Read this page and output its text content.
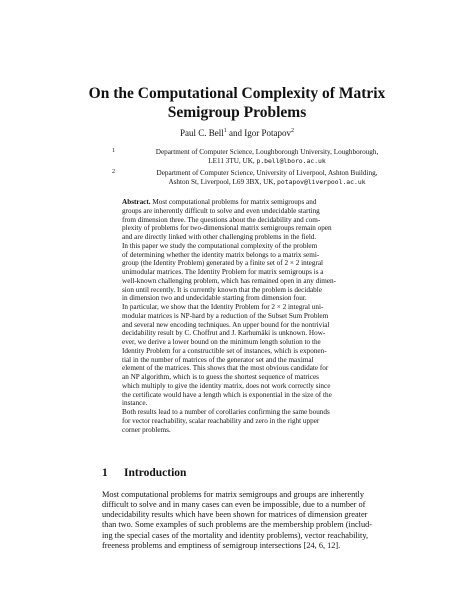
On the Computational Complexity of Matrix
Semigroup Problems
Paul C. Bell$^1$ and Igor Potapov$^2$
1	Department of Computer Science, Loughborough University, Loughborough,
LE11 3TU, UK, p.bell@lboro.ac.uk
2	Department of Computer Science, University of Liverpool, Ashton Building,
Ashton St, Liverpool, L69 3BX, UK, potapov@liverpool.ac.uk
Abstract. Most computational problems for matrix semigroups and
groups are inherently difficult to solve and even undecidable starting
from dimension three. The questions about the decidability and com-
plexity of problems for two-dimensional matrix semigroups remain open
and are directly linked with other challenging problems in the field.
In this paper we study the computational complexity of the problem
of determining whether the identity matrix belongs to a matrix semi-
group (the Identity Problem) generated by a finite set of 2 × 2 integral
unimodular matrices. The Identity Problem for matrix semigroups is a
well-known challenging problem, which has remained open in any dimen-
sion until recently. It is currently known that the problem is decidable
in dimension two and undecidable starting from dimension four.
In particular, we show that the Identity Problem for 2 × 2 integral uni-
modular matrices is NP-hard by a reduction of the Subset Sum Problem
and several new encoding techniques. An upper bound for the nontrivial
decidability result by C. Choffrut and J. Karhumäki is unknown. How-
ever, we derive a lower bound on the minimum length solution to the
Identity Problem for a constructible set of instances, which is exponen-
tial in the number of matrices of the generator set and the maximal
element of the matrices. This shows that the most obvious candidate for
an NP algorithm, which is to guess the shortest sequence of matrices
which multiply to give the identity matrix, does not work correctly since
the certificate would have a length which is exponential in the size of the
instance.
Both results lead to a number of corollaries confirming the same bounds
for vector reachability, scalar reachability and zero in the right upper
corner problems.
1 Introduction
Most computational problems for matrix semigroups and groups are inherently
difficult to solve and in many cases can even be impossible, due to a number of
undecidability results which have been shown for matrices of dimension greater
than two. Some examples of such problems are the membership problem (includ-
ing the special cases of the mortality and identity problems), vector reachability,
freeness problems and emptiness of semigroup intersections [24, 6, 12].
